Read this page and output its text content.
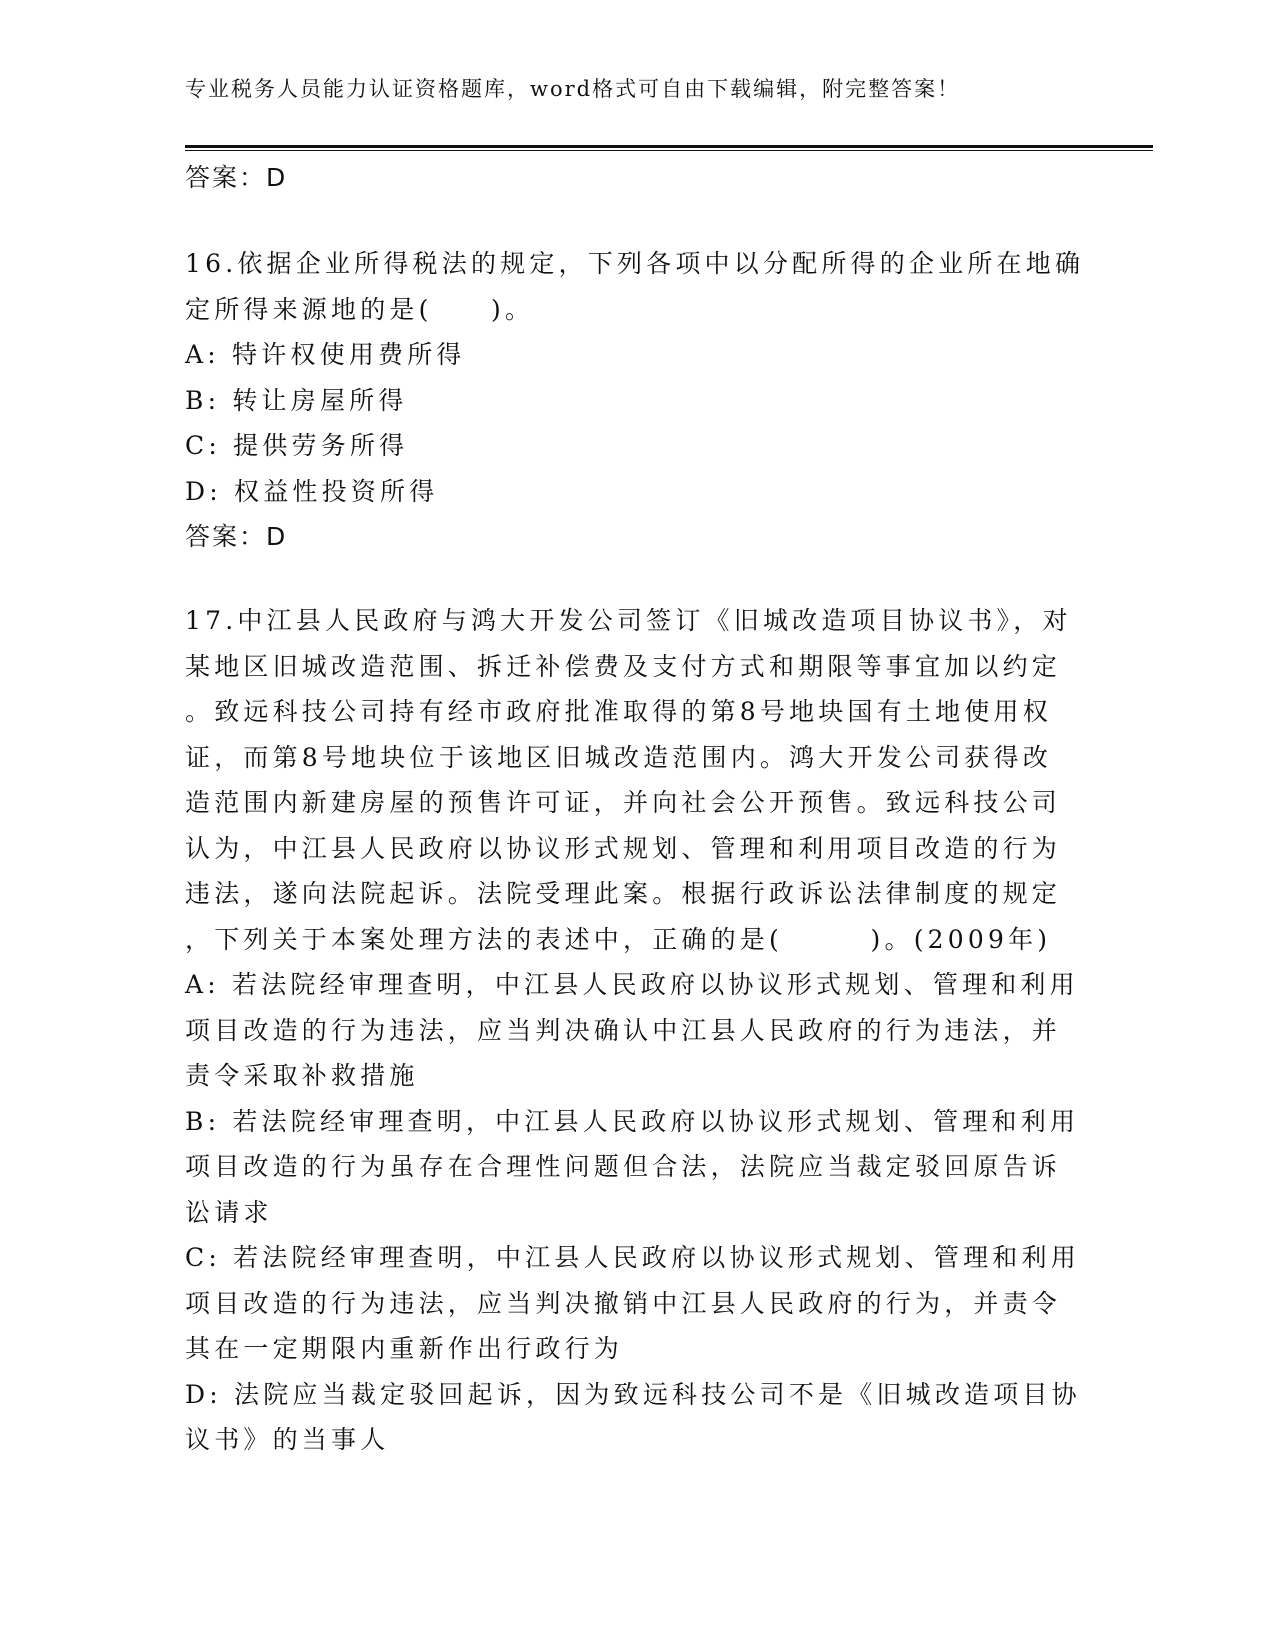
专业税务人员能力认证资格题库，word格式可自由下载编辑，附完整答案！

答案：D

16.依据企业所得税法的规定，下列各项中以分配所得的企业所在地确

定所得来源地的是(　　)。

A: 特许权使用费所得

B: 转让房屋所得

C: 提供劳务所得

D: 权益性投资所得

答案：D

17.中江县人民政府与鸿大开发公司签订《旧城改造项目协议书》，对

某地区旧城改造范围、拆迁补偿费及支付方式和期限等事宜加以约定

。致远科技公司持有经市政府批准取得的第8号地块国有土地使用权

证，而第8号地块位于该地区旧城改造范围内。鸿大开发公司获得改

造范围内新建房屋的预售许可证，并向社会公开预售。致远科技公司

认为，中江县人民政府以协议形式规划、管理和利用项目改造的行为

违法，遂向法院起诉。法院受理此案。根据行政诉讼法律制度的规定

，下列关于本案处理方法的表述中，正确的是(　　　)。(2009年)

A: 若法院经审理查明，中江县人民政府以协议形式规划、管理和利用

项目改造的行为违法，应当判决确认中江县人民政府的行为违法，并

责令采取补救措施

B: 若法院经审理查明，中江县人民政府以协议形式规划、管理和利用

项目改造的行为虽存在合理性问题但合法，法院应当裁定驳回原告诉

讼请求

C: 若法院经审理查明，中江县人民政府以协议形式规划、管理和利用

项目改造的行为违法，应当判决撤销中江县人民政府的行为，并责令

其在一定期限内重新作出行政行为

D: 法院应当裁定驳回起诉，因为致远科技公司不是《旧城改造项目协

议书》的当事人
